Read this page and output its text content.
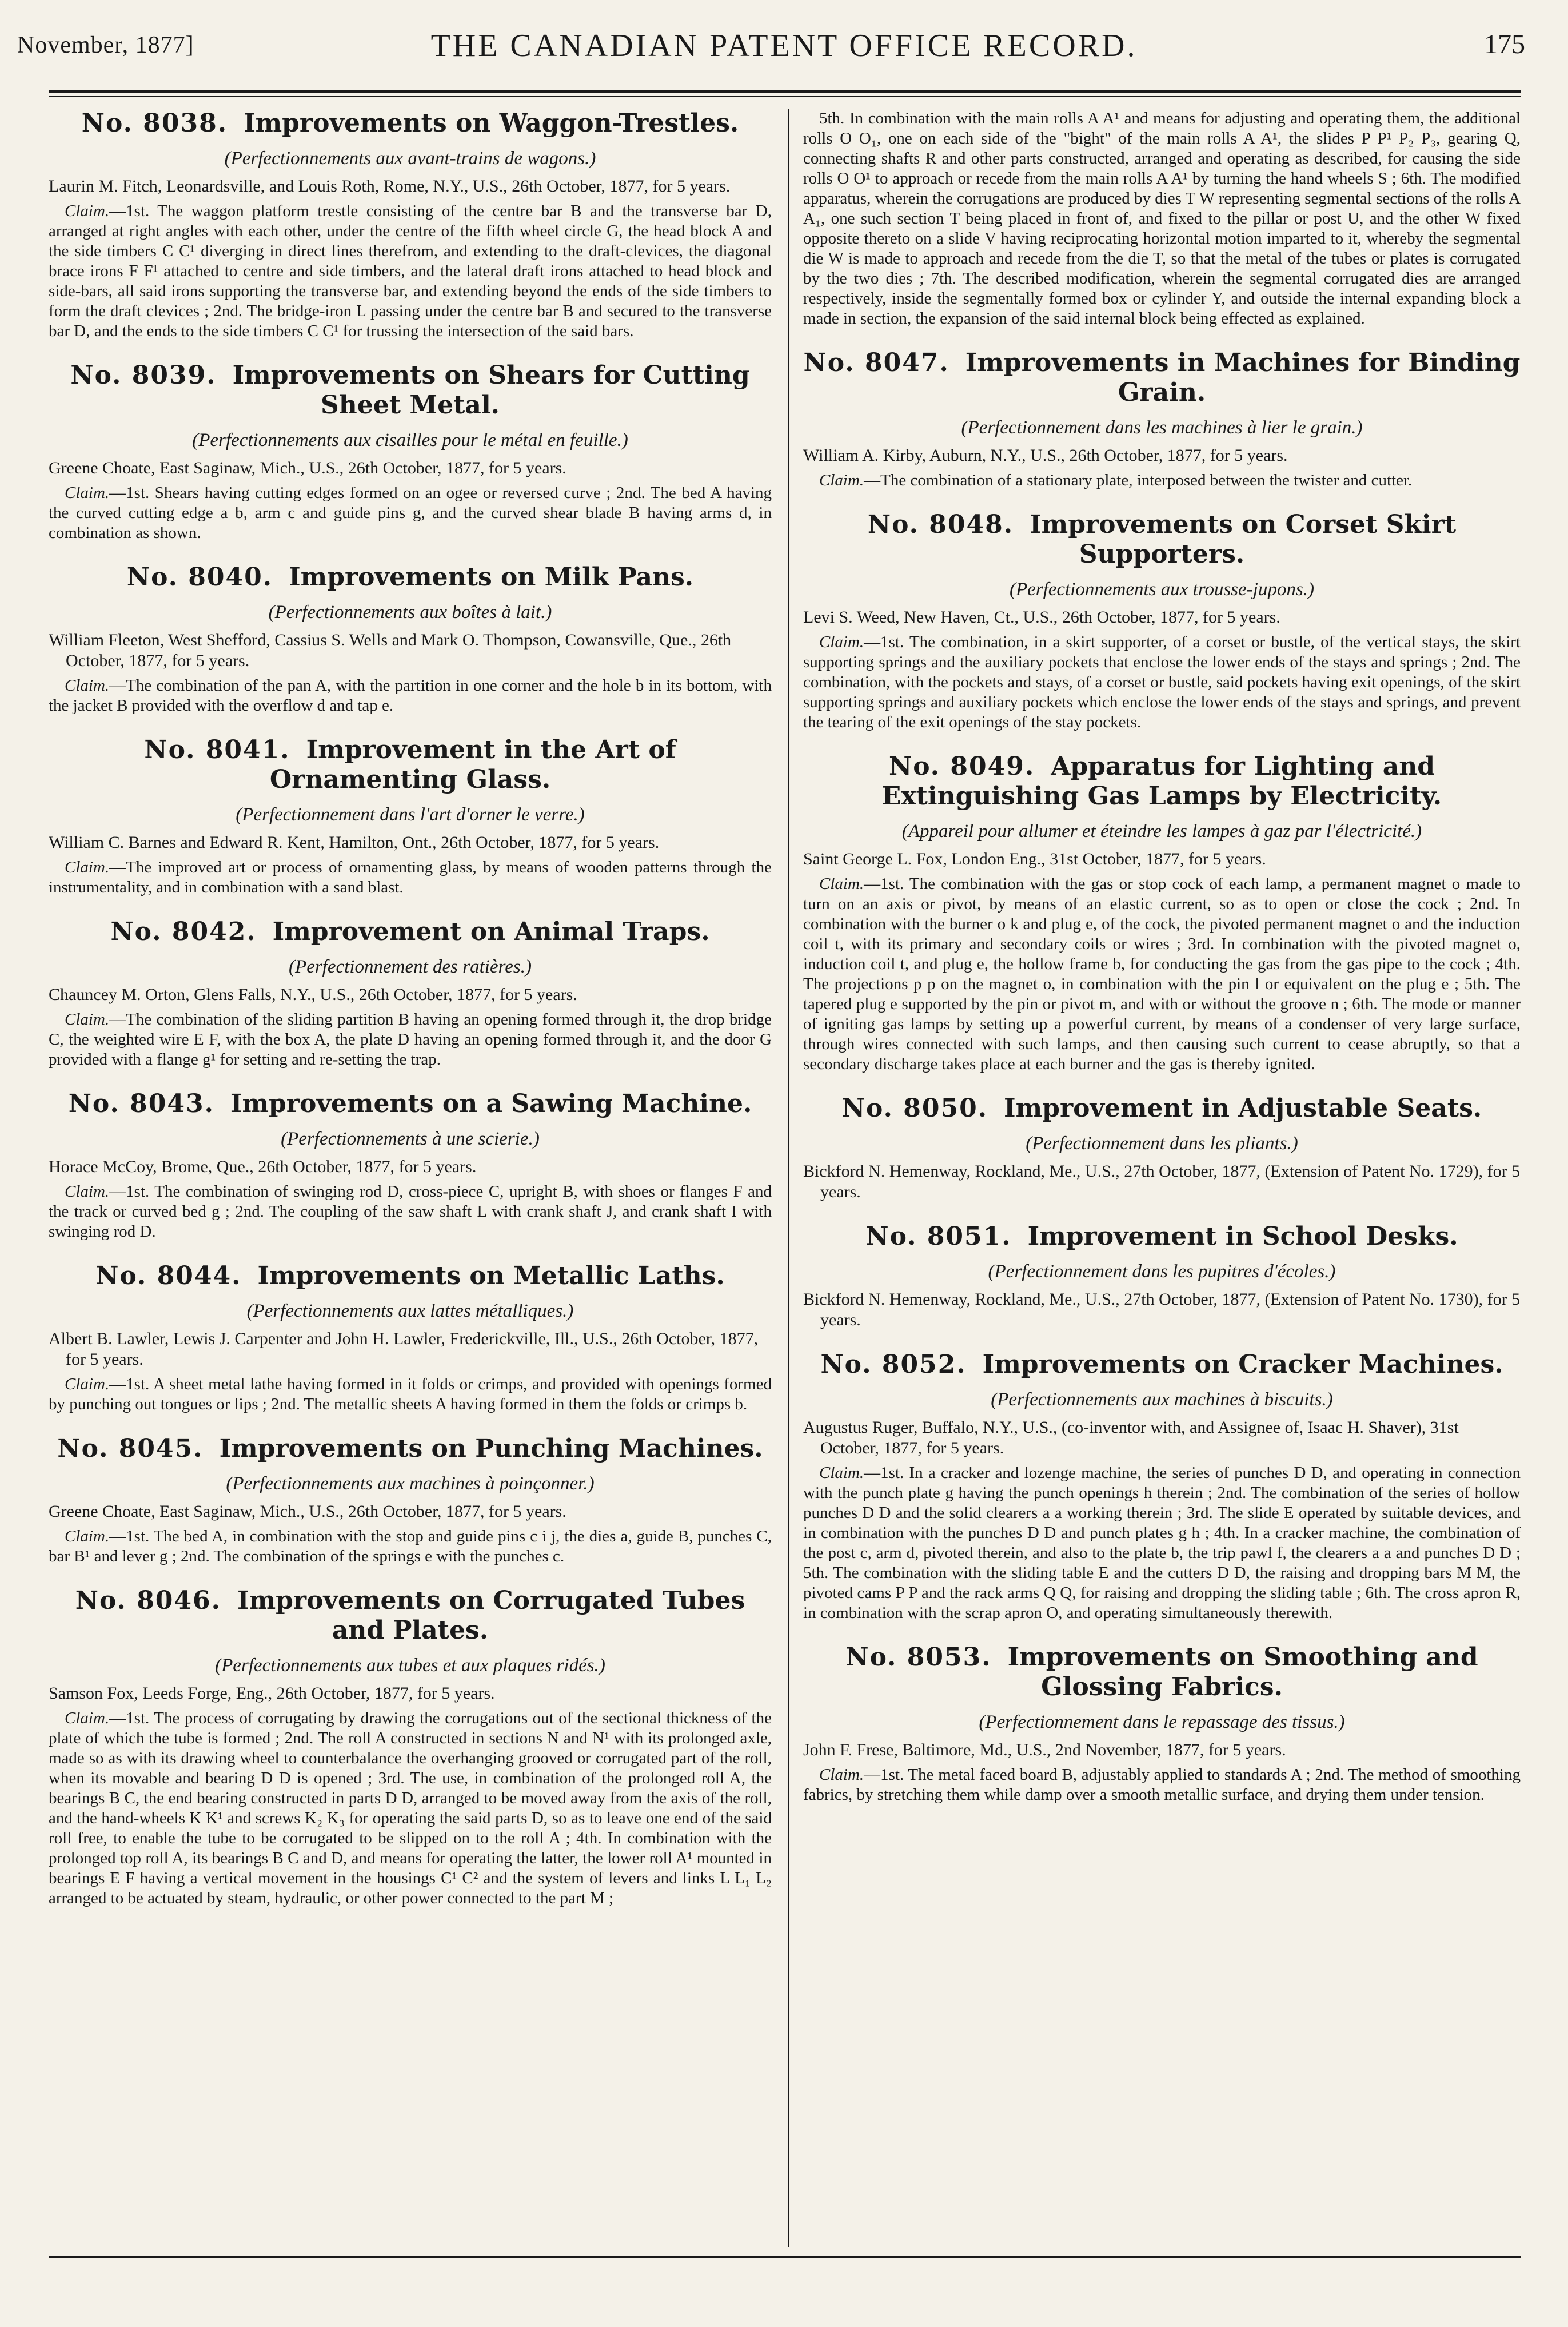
November, 1877]	THE CANADIAN PATENT OFFICE RECORD.	175
No. 8038. Improvements on Waggon-Trestles.
(Perfectionnements aux avant-trains de wagons.)
Laurin M. Fitch, Leonardsville, and Louis Roth, Rome, N.Y., U.S., 26th October, 1877, for 5 years.
Claim.—1st. The waggon platform trestle consisting of the centre bar B and the transverse bar D, arranged at right angles with each other, under the centre of the fifth wheel circle G, the head block A and the side timbers C C¹ diverging in direct lines therefrom, and extending to the draft-clevices, the diagonal brace irons F F¹ attached to centre and side timbers, and the lateral draft irons attached to head block and side-bars, all said irons supporting the transverse bar, and extending beyond the ends of the side timbers to form the draft clevices ; 2nd. The bridge-iron L passing under the centre bar B and secured to the transverse bar D, and the ends to the side timbers C C¹ for trussing the intersection of the said bars.
No. 8039. Improvements on Shears for Cutting Sheet Metal.
(Perfectionnements aux cisailles pour le métal en feuille.)
Greene Choate, East Saginaw, Mich., U.S., 26th October, 1877, for 5 years.
Claim.—1st. Shears having cutting edges formed on an ogee or reversed curve ; 2nd. The bed A having the curved cutting edge a b, arm c and guide pins g, and the curved shear blade B having arms d, in combination as shown.
No. 8040. Improvements on Milk Pans.
(Perfectionnements aux boîtes à lait.)
William Fleeton, West Shefford, Cassius S. Wells and Mark O. Thompson, Cowansville, Que., 26th October, 1877, for 5 years.
Claim.—The combination of the pan A, with the partition in one corner and the hole b in its bottom, with the jacket B provided with the overflow d and tap e.
No. 8041. Improvement in the Art of Ornamenting Glass.
(Perfectionnement dans l'art d'orner le verre.)
William C. Barnes and Edward R. Kent, Hamilton, Ont., 26th October, 1877, for 5 years.
Claim.—The improved art or process of ornamenting glass, by means of wooden patterns through the instrumentality, and in combination with a sand blast.
No. 8042. Improvement on Animal Traps.
(Perfectionnement des ratières.)
Chauncey M. Orton, Glens Falls, N.Y., U.S., 26th October, 1877, for 5 years.
Claim.—The combination of the sliding partition B having an opening formed through it, the drop bridge C, the weighted wire E F, with the box A, the plate D having an opening formed through it, and the door G provided with a flange g¹ for setting and re-setting the trap.
No. 8043. Improvements on a Sawing Machine.
(Perfectionnements à une scierie.)
Horace McCoy, Brome, Que., 26th October, 1877, for 5 years.
Claim.—1st. The combination of swinging rod D, cross-piece C, upright B, with shoes or flanges F and the track or curved bed g ; 2nd. The coupling of the saw shaft L with crank shaft J, and crank shaft I with swinging rod D.
No. 8044. Improvements on Metallic Laths.
(Perfectionnements aux lattes métalliques.)
Albert B. Lawler, Lewis J. Carpenter and John H. Lawler, Frederickville, Ill., U.S., 26th October, 1877, for 5 years.
Claim.—1st. A sheet metal lathe having formed in it folds or crimps, and provided with openings formed by punching out tongues or lips ; 2nd. The metallic sheets A having formed in them the folds or crimps b.
No. 8045. Improvements on Punching Machines.
(Perfectionnements aux machines à poinçonner.)
Greene Choate, East Saginaw, Mich., U.S., 26th October, 1877, for 5 years.
Claim.—1st. The bed A, in combination with the stop and guide pins c i j, the dies a, guide B, punches C, bar B¹ and lever g ; 2nd. The combination of the springs e with the punches c.
No. 8046. Improvements on Corrugated Tubes and Plates.
(Perfectionnements aux tubes et aux plaques ridés.)
Samson Fox, Leeds Forge, Eng., 26th October, 1877, for 5 years.
Claim.—1st. The process of corrugating by drawing the corrugations out of the sectional thickness of the plate of which the tube is formed ; 2nd. The roll A constructed in sections N and N¹ with its prolonged axle, made so as with its drawing wheel to counterbalance the overhanging grooved or corrugated part of the roll, when its movable and bearing D D is opened ; 3rd. The use, in combination of the prolonged roll A, the bearings B C, the end bearing constructed in parts D D, arranged to be moved away from the axis of the roll, and the hand-wheels K K¹ and screws K₂ K₃ for operating the said parts D, so as to leave one end of the said roll free, to enable the tube to be corrugated to be slipped on to the roll A ; 4th. In combination with the prolonged top roll A, its bearings B C and D, and means for operating the latter, the lower roll A¹ mounted in bearings E F having a vertical movement in the housings C¹ C² and the system of levers and links L L₁ L₂ arranged to be actuated by steam, hydraulic, or other power connected to the part M ;
5th. In combination with the main rolls A A¹ and means for adjusting and operating them, the additional rolls O O₁, one on each side of the "bight" of the main rolls A A¹, the slides P P¹ P₂ P₃, gearing Q, connecting shafts R and other parts constructed, arranged and operating as described, for causing the side rolls O O¹ to approach or recede from the main rolls A A¹ by turning the hand wheels S ; 6th. The modified apparatus, wherein the corrugations are produced by dies T W representing segmental sections of the rolls A A₁, one such section T being placed in front of, and fixed to the pillar or post U, and the other W fixed opposite thereto on a slide V having reciprocating horizontal motion imparted to it, whereby the segmental die W is made to approach and recede from the die T, so that the metal of the tubes or plates is corrugated by the two dies ; 7th. The described modification, wherein the segmental corrugated dies are arranged respectively, inside the segmentally formed box or cylinder Y, and outside the internal expanding block a made in section, the expansion of the said internal block being effected as explained.
No. 8047. Improvements in Machines for Binding Grain.
(Perfectionnement dans les machines à lier le grain.)
William A. Kirby, Auburn, N.Y., U.S., 26th October, 1877, for 5 years.
Claim.—The combination of a stationary plate, interposed between the twister and cutter.
No. 8048. Improvements on Corset Skirt Supporters.
(Perfectionnements aux trousse-jupons.)
Levi S. Weed, New Haven, Ct., U.S., 26th October, 1877, for 5 years.
Claim.—1st. The combination, in a skirt supporter, of a corset or bustle, of the vertical stays, the skirt supporting springs and the auxiliary pockets that enclose the lower ends of the stays and springs ; 2nd. The combination, with the pockets and stays, of a corset or bustle, said pockets having exit openings, of the skirt supporting springs and auxiliary pockets which enclose the lower ends of the stays and springs, and prevent the tearing of the exit openings of the stay pockets.
No. 8049. Apparatus for Lighting and Extinguishing Gas Lamps by Electricity.
(Appareil pour allumer et éteindre les lampes à gaz par l'électricité.)
Saint George L. Fox, London Eng., 31st October, 1877, for 5 years.
Claim.—1st. The combination with the gas or stop cock of each lamp, a permanent magnet o made to turn on an axis or pivot, by means of an elastic current, so as to open or close the cock ; 2nd. In combination with the burner o k and plug e, of the cock, the pivoted permanent magnet o and the induction coil t, with its primary and secondary coils or wires ; 3rd. In combination with the pivoted magnet o, induction coil t, and plug e, the hollow frame b, for conducting the gas from the gas pipe to the cock ; 4th. The projections p p on the magnet o, in combination with the pin l or equivalent on the plug e ; 5th. The tapered plug e supported by the pin or pivot m, and with or without the groove n ; 6th. The mode or manner of igniting gas lamps by setting up a powerful current, by means of a condenser of very large surface, through wires connected with such lamps, and then causing such current to cease abruptly, so that a secondary discharge takes place at each burner and the gas is thereby ignited.
No. 8050. Improvement in Adjustable Seats.
(Perfectionnement dans les pliants.)
Bickford N. Hemenway, Rockland, Me., U.S., 27th October, 1877, (Extension of Patent No. 1729), for 5 years.
No. 8051. Improvement in School Desks.
(Perfectionnement dans les pupitres d'écoles.)
Bickford N. Hemenway, Rockland, Me., U.S., 27th October, 1877, (Extension of Patent No. 1730), for 5 years.
No. 8052. Improvements on Cracker Machines.
(Perfectionnements aux machines à biscuits.)
Augustus Ruger, Buffalo, N.Y., U.S., (co-inventor with, and Assignee of, Isaac H. Shaver), 31st October, 1877, for 5 years.
Claim.—1st. In a cracker and lozenge machine, the series of punches D D, and operating in connection with the punch plate g having the punch openings h therein ; 2nd. The combination of the series of hollow punches D D and the solid clearers a a working therein ; 3rd. The slide E operated by suitable devices, and in combination with the punches D D and punch plates g h ; 4th. In a cracker machine, the combination of the post c, arm d, pivoted therein, and also to the plate b, the trip pawl f, the clearers a a and punches D D ; 5th. The combination with the sliding table E and the cutters D D, the raising and dropping bars M M, the pivoted cams P P and the rack arms Q Q, for raising and dropping the sliding table ; 6th. The cross apron R, in combination with the scrap apron O, and operating simultaneously therewith.
No. 8053. Improvements on Smoothing and Glossing Fabrics.
(Perfectionnement dans le repassage des tissus.)
John F. Frese, Baltimore, Md., U.S., 2nd November, 1877, for 5 years.
Claim.—1st. The metal faced board B, adjustably applied to standards A ; 2nd. The method of smoothing fabrics, by stretching them while damp over a smooth metallic surface, and drying them under tension.
